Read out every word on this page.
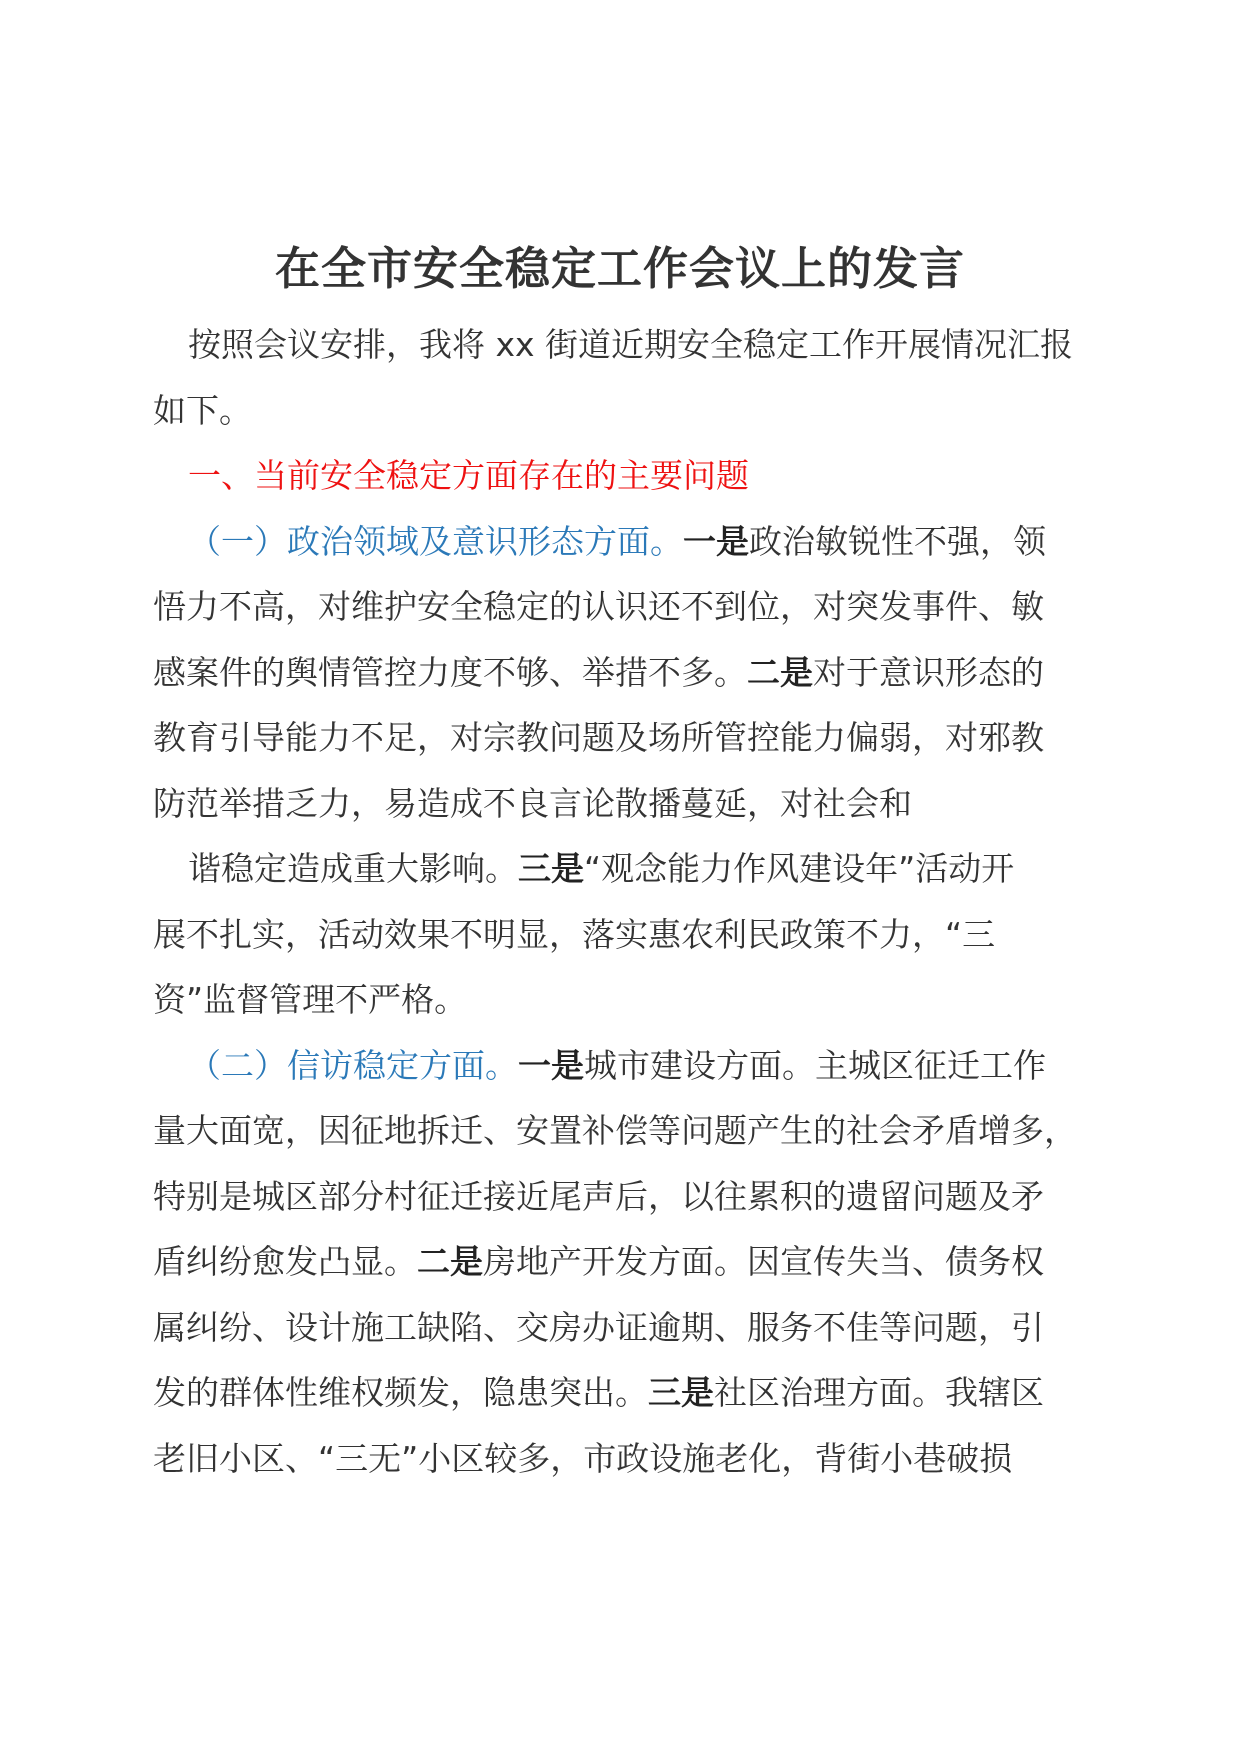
在全市安全稳定工作会议上的发言
按照会议安排，我将 xx 街道近期安全稳定工作开展情况汇报
如下。
一、当前安全稳定方面存在的主要问题
（一）政治领域及意识形态方面。一是政治敏锐性不强，领
悟力不高，对维护安全稳定的认识还不到位，对突发事件、敏
感案件的舆情管控力度不够、举措不多。二是对于意识形态的
教育引导能力不足，对宗教问题及场所管控能力偏弱，对邪教
防范举措乏力，易造成不良言论散播蔓延，对社会和
谐稳定造成重大影响。三是“观念能力作风建设年”活动开
展不扎实，活动效果不明显，落实惠农利民政策不力，“三
资”监督管理不严格。
（二）信访稳定方面。一是城市建设方面。主城区征迁工作
量大面宽，因征地拆迁、安置补偿等问题产生的社会矛盾增多，
特别是城区部分村征迁接近尾声后，以往累积的遗留问题及矛
盾纠纷愈发凸显。二是房地产开发方面。因宣传失当、债务权
属纠纷、设计施工缺陷、交房办证逾期、服务不佳等问题，引
发的群体性维权频发，隐患突出。三是社区治理方面。我辖区
老旧小区、“三无”小区较多，市政设施老化，背街小巷破损
